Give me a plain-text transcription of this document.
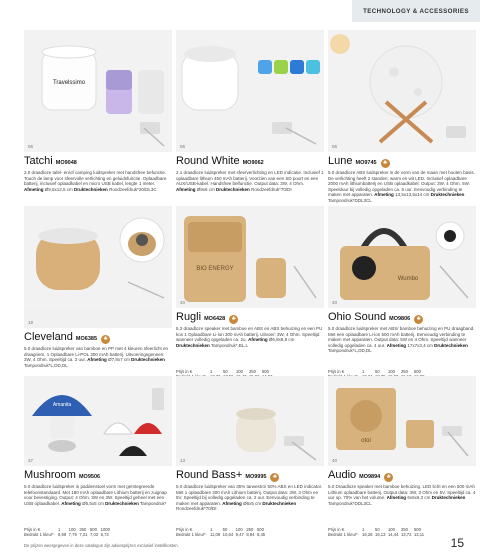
TECHNOLOGY & ACCESSORIES
Travelssimo
06
Tatchi MO9048
2.0 draadloze tafel- en/of camping luidspreker met handsfree befunctie. Touch de lamp voor sfeervolle verlichting en geluidsfunctie. Oplaadbare batterij, inclusief oplaadkabel en micro USB kabel, lengte 1 meter. Afmeting Ø9,5x12,5 cm Druktechnieken Rondzeefdruk*20/DL3C

06
Round White MO9062
2.1 draadloze luidspreker met sfeerverlichting en LED indicatie. Inclusief 1 oplaadbare lithium 450 mAh batterij. Voorzien van een SD poort en een AUX/USB-kabel. Handsfree belfunctie. Output data: 3W, 4 Ohm. Afmeting Ø9x6 cm Druktechnieken Rondzeefdruk*70/DI

06
Lune MO9745	♣
5.0 draadloze ABS luidspreker in de vorm van de maan met houten basis. De verlichting heeft 2 standen: warm en wit LED. Inclusief oplaadbare 2000 mAh lithiumbatterij en USB oplaadkabel. Output: 3W, 4 Ohm. 5W. Speelduur bij volledig opgeladen ca. 5 uur. Eenvoudig verbinding te maken met apparaten. Afmeting 13,5x13,5x14 cm Druktechnieken Tampondruk*DDL3CL

19
Cleveland MO6385	♣
5.0 draadloze luidspreker van bamboe en PP met 4 kleuren sfeerlicht en draagriem. 1 Oplaadbare Li-POL 300 mAh batterij. Uitvoeringsgeneen: 3W, 4 Ohm. Speeltijd ca. 2 uur. Afmeting Ø7,8x7 cm Druktechnieken Tampondruk*L,DD,DL

BIO ENERGY
40
Rugli MO6428	♣
5.3 draadloze speaker met bamboe en ABS en ABS behuizing en een PU kos 1 Oplaadbare Li-ion 300 mAh batterij. Uitvoer: 3W, 4 Ohm. Speeltijd wanneer volledig opgeladen ca. 2u. Afmeting Ø6,8x8,8 cm Druktechnieken Tampondruk*,BL,L
Prijs in €	1	50	100	250	500

Wumbo
40
Ohio Sound MO9806	♣
5.0 draadloze luidspreker met ABS/ bamboe behuizing en PU draagband. Met een oplaadbare Li-ion 500 mAh batterij. Eenvoudig verbinding te maken met apparaten. Output data: 5W en 4 Ohm. Speeltijd wanneer volledig opgeladen ca. 4 uur. Afmeting 17x7x3,4 cm Druktechnieken Tampondruk*L,DD,DL
Prijs in €	1	50	100	250	500

Amanita
37
Mushroom MO9506
5.0 draadloze luidspreker in paddenstoel vorm met geïntegreerde telefoonstandaard. Met 180 mAh oplaadbare Lithium batterij en zuignap voor bevestiging. Output: 4 Ohm, 3W en 3W. Speeltijd geheel met een USB oplaadkabel. Afmeting Ø5,5x5 cm Druktechnieken Tampondruk*
Prijs in €	1	100	250	500	1000
Bedrukt 1 kleur*	8,99	7,79	7,31	7,03	6,72
13
Round Bass+ MO9995	♣
5.0 draadloze luidspreker van 35% tarwestro/ 50% ABS en LED indicator. Met 1 oplaadbare 300 mAh Lithium batterij. Output data: 3W, 3 Ohm en 5V. Speeltijd bij volledig opgeladen ca. 2 uur. Eenvoudig verbinding te maken met apparaten. Afmeting Ø6x5 cm Druktechnieken Rondzeefdruk*70/DI
Prijs in €	1	50	100	250	500
Bedrukt 1 kleur*	11,08	10,64	9,47	8,94	8,45
otoi
40
Audio MO9894	♣
5.0 Draadloze speaker met bamboe behuizing. LED licht en een 500 mAh Lithium oplaadbare batterij. Output data: 3W, 3 Ohm en 5V. Speeltijd ca. 4 uur op. 70% van het volume. Afmeting 6x6x6,3 cm Druktechnieken Tampondruk*DDL3CL
Prijs in €	1	50	100	250	500
Bedrukt 1 kleur*	16,28	15,13	14,44	13,72	13,11
De prijzen weergegeven in deze catalogus zijn adviesprijzen exclusief instellkosten.	15
